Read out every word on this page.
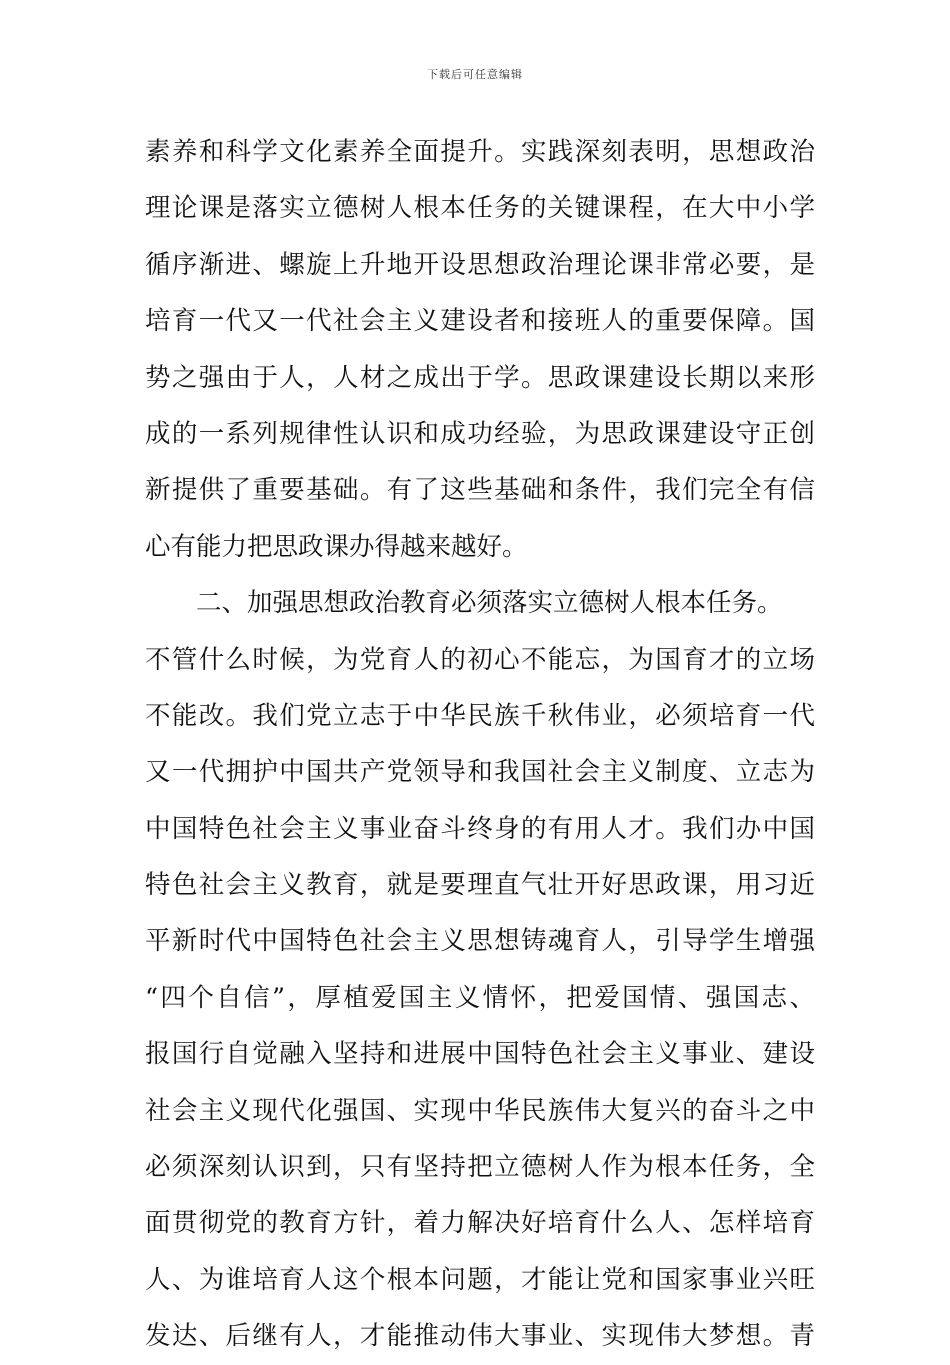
下载后可任意编辑
素养和科学文化素养全面提升。实践深刻表明，思想政治
理论课是落实立德树人根本任务的关键课程，在大中小学
循序渐进、螺旋上升地开设思想政治理论课非常必要，是
培育一代又一代社会主义建设者和接班人的重要保障。国
势之强由于人，人材之成出于学。思政课建设长期以来形
成的一系列规律性认识和成功经验，为思政课建设守正创
新提供了重要基础。有了这些基础和条件，我们完全有信
心有能力把思政课办得越来越好。
二、加强思想政治教育必须落实立德树人根本任务。
不管什么时候，为党育人的初心不能忘，为国育才的立场
不能改。我们党立志于中华民族千秋伟业，必须培育一代
又一代拥护中国共产党领导和我国社会主义制度、立志为
中国特色社会主义事业奋斗终身的有用人才。我们办中国
特色社会主义教育，就是要理直气壮开好思政课，用习近
平新时代中国特色社会主义思想铸魂育人，引导学生增强
“四个自信”，厚植爱国主义情怀，把爱国情、强国志、
报国行自觉融入坚持和进展中国特色社会主义事业、建设
社会主义现代化强国、实现中华民族伟大复兴的奋斗之中
必须深刻认识到，只有坚持把立德树人作为根本任务，全
面贯彻党的教育方针，着力解决好培育什么人、怎样培育
人、为谁培育人这个根本问题，才能让党和国家事业兴旺
发达、后继有人，才能推动伟大事业、实现伟大梦想。青
